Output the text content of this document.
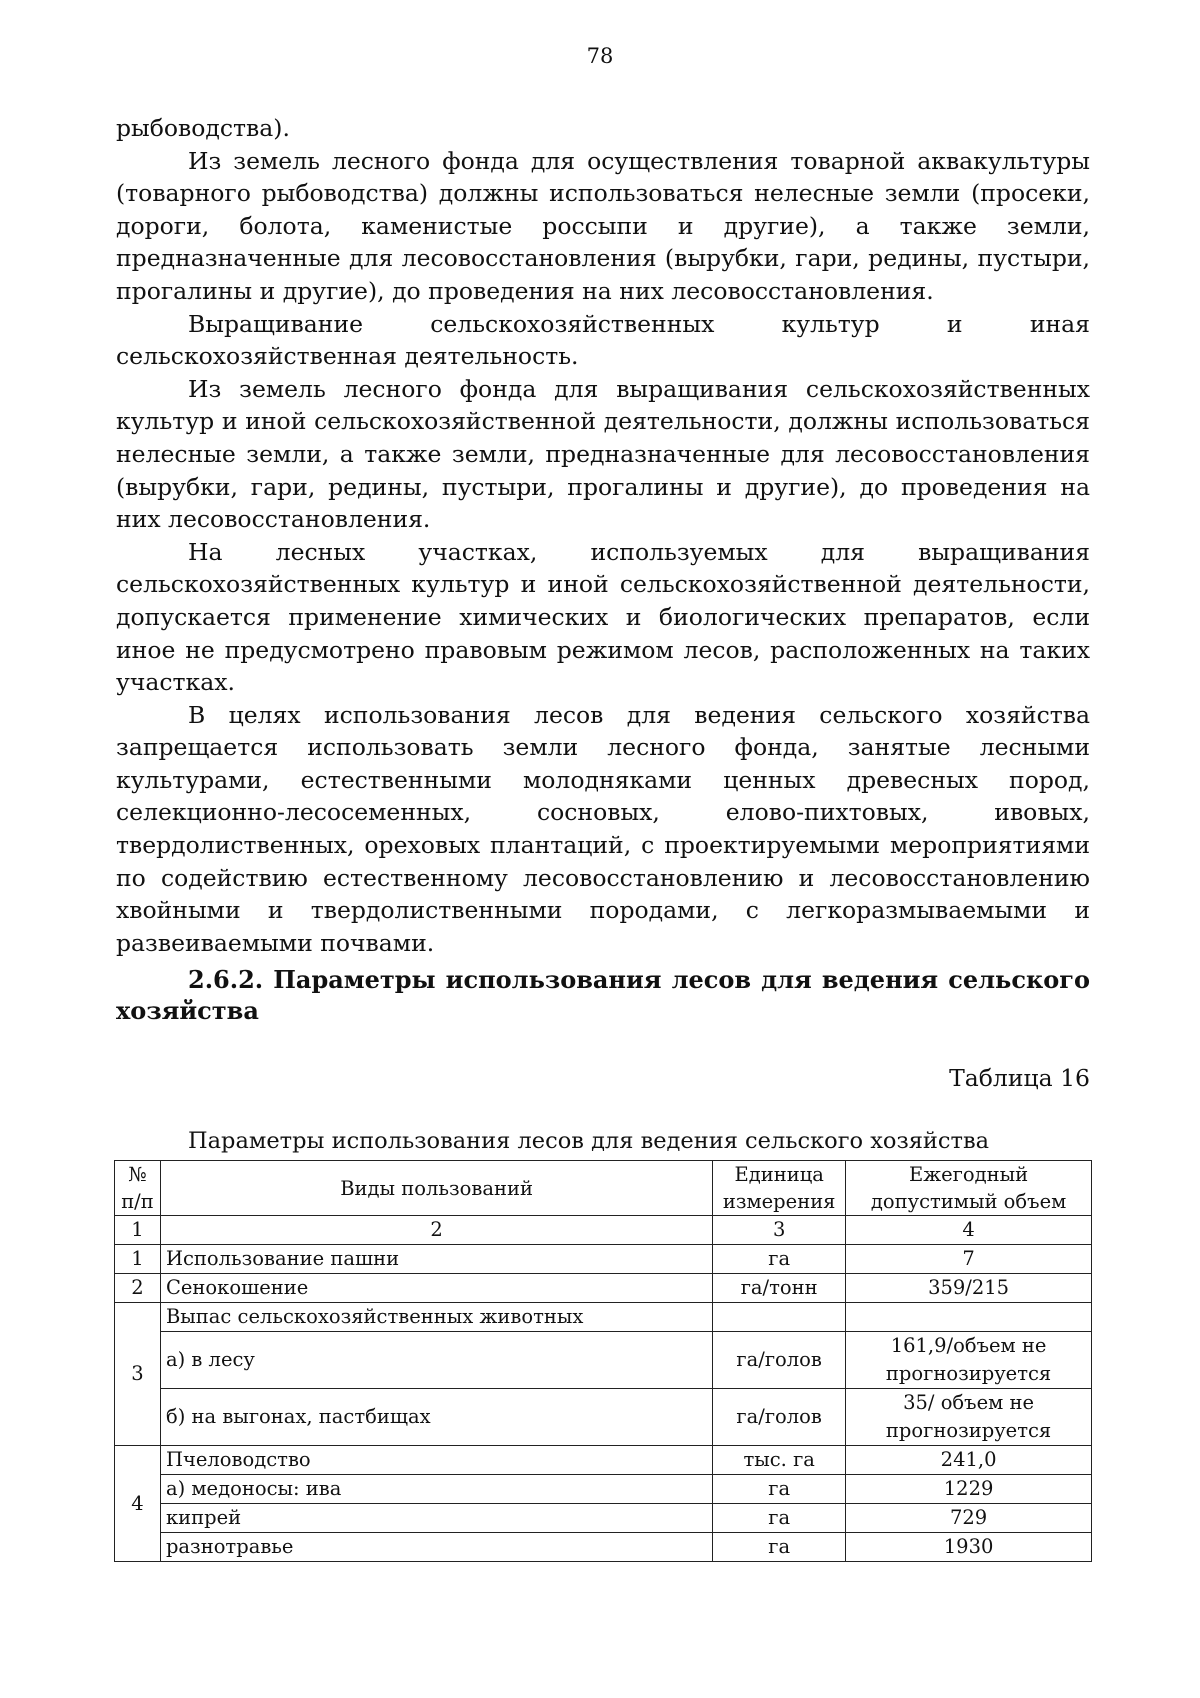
78

рыбоводства).

Из земель лесного фонда для осуществления товарной аквакультуры (товарного рыбоводства) должны использоваться нелесные земли (просеки, дороги, болота, каменистые россыпи и другие), а также земли, предназначенные для лесовосстановления (вырубки, гари, редины, пустыри, прогалины и другие), до проведения на них лесовосстановления.

Выращивание сельскохозяйственных культур и иная сельскохозяйственная деятельность.

Из земель лесного фонда для выращивания сельскохозяйственных культур и иной сельскохозяйственной деятельности, должны использоваться нелесные земли, а также земли, предназначенные для лесовосстановления (вырубки, гари, редины, пустыри, прогалины и другие), до проведения на них лесовосстановления.

На лесных участках, используемых для выращивания сельскохозяйственных культур и иной сельскохозяйственной деятельности, допускается применение химических и биологических препаратов, если иное не предусмотрено правовым режимом лесов, расположенных на таких участках.

В целях использования лесов для ведения сельского хозяйства запрещается использовать земли лесного фонда, занятые лесными культурами, естественными молодняками ценных древесных пород, селекционно-лесосеменных, сосновых, елово-пихтовых, ивовых, твердолиственных, ореховых плантаций, с проектируемыми мероприятиями по содействию естественному лесовосстановлению и лесовосстановлению хвойными и твердолиственными породами, с легкоразмываемыми и развеиваемыми почвами.

2.6.2. Параметры использования лесов для ведения сельского хозяйства
Таблица 16
Параметры использования лесов для ведения сельского хозяйства
№ п/п	Виды пользований	Единица измерения	Ежегодный допустимый объем
1	2	3	4
1	Использование пашни	га	7
2	Сенокошение	га/тонн	359/215
3	Выпас сельскохозяйственных животных		
	а) в лесу	га/голов	161,9/объем не прогнозируется
	б) на выгонах, пастбищах	га/голов	35/ объем не прогнозируется
4	Пчеловодство	тыс. га	241,0
	а) медоносы: ива	га	1229
	кипрей	га	729
	разнотравье	га	1930
